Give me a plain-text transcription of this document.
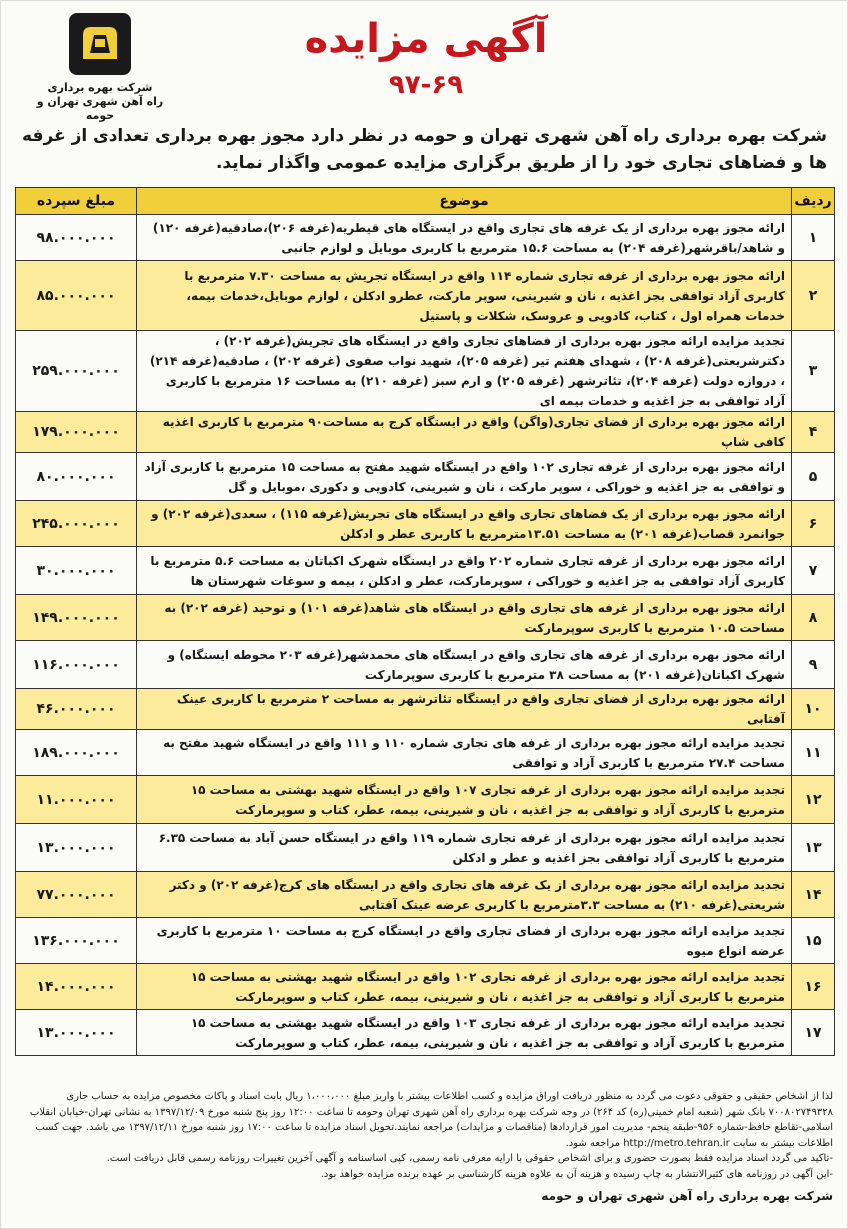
شرکت بهره برداری
راه آهن شهری تهران و حومه
آگهی مزایده
۹۷-۶۹
شرکت بهره برداری راه آهن شهری تهران و حومه در نظر دارد مجوز بهره برداری تعدادی از غرفه ها و فضاهای تجاری خود را از طریق برگزاری مزایده عمومی واگذار نماید.
ردیف	موضوع	مبلغ سپرده
۱	ارائه مجوز بهره برداری از یک غرفه های تجاری واقع در ایستگاه های قیطریه(غرفه ۲۰۶)،صادقیه(غرفه ۱۲۰) و شاهد/باقرشهر(غرفه ۲۰۴) به مساحت ۱۵.۶ مترمربع با کاربری موبایل و لوازم جانبی	۹۸.۰۰۰.۰۰۰
۲	ارائه مجوز بهره برداری از غرفه تجاری شماره ۱۱۴ واقع در ایستگاه تجریش به مساحت ۷.۳۰ مترمربع با کاربری آزاد توافقی بجز اغذیه ، نان و شیرینی، سوپر مارکت، عطرو ادکلن ، لوازم موبایل،خدمات بیمه، خدمات همراه اول ، کتاب، کادویی و عروسک، شکلات و پاستیل	۸۵.۰۰۰.۰۰۰
۳	تجدید مزایده ارائه مجوز بهره برداری از فضاهای تجاری واقع در ایستگاه های تجریش(غرفه ۲۰۲) ، دکترشریعتی(غرفه ۲۰۸) ، شهدای هفتم تیر (غرفه ۲۰۵)، شهید نواب صفوی (غرفه ۲۰۲) ، صادقیه(غرفه ۲۱۴) ، دروازه دولت (غرفه ۲۰۴)، تئاترشهر (غرفه ۲۰۵) و ارم سبز (غرفه ۲۱۰) به مساحت ۱۶ مترمربع با کاربری آزاد توافقی به جز اغذیه و خدمات بیمه ای	۲۵۹.۰۰۰.۰۰۰
۴	ارائه مجوز بهره برداری از فضای تجاری(واگن) واقع در ایستگاه کرج به مساحت۹۰ مترمربع با کاربری اغذیه کافی شاپ	۱۷۹.۰۰۰.۰۰۰
۵	ارائه مجوز بهره برداری از غرفه تجاری ۱۰۲ واقع در ایستگاه شهید مفتح به مساحت ۱۵ مترمربع با کاربری آزاد و توافقی به جز اغذیه و خوراکی ، سوپر مارکت ، نان و شیرینی، کادویی و دکوری ،موبایل و گل	۸۰.۰۰۰.۰۰۰
۶	ارائه مجوز بهره برداری از یک فضاهای تجاری واقع در ایستگاه های تجریش(غرفه ۱۱۵) ، سعدی(غرفه ۲۰۲) و جوانمرد قصاب(غرفه ۲۰۱) به مساحت ۱۳.۵۱مترمربع با کاربری عطر و ادکلن	۲۴۵.۰۰۰.۰۰۰
۷	ارائه مجوز بهره برداری از غرفه تجاری شماره ۲۰۲ واقع در ایستگاه شهرک اکباتان به مساحت ۵.۶ مترمربع با کاربری آزاد توافقی به جز اغذیه و خوراکی ، سوپرمارکت، عطر و ادکلن ، بیمه و سوغات شهرستان ها	۳۰.۰۰۰.۰۰۰
۸	ارائه مجوز بهره برداری از غرفه های تجاری واقع در ایستگاه های شاهد(غرفه ۱۰۱) و توحید (غرفه ۲۰۲) به مساحت ۱۰.۵ مترمربع با کاربری سوپرمارکت	۱۴۹.۰۰۰.۰۰۰
۹	ارائه مجوز بهره برداری از غرفه های تجاری واقع در ایستگاه های محمدشهر(غرفه ۲۰۳ محوطه ایستگاه) و شهرک اکباتان(غرفه ۲۰۱) به مساحت ۳۸ مترمربع با کاربری سوپرمارکت	۱۱۶.۰۰۰.۰۰۰
۱۰	ارائه مجوز بهره برداری از فضای تجاری واقع در ایستگاه تئاترشهر به مساحت ۲ مترمربع با کاربری عینک آفتابی	۴۶.۰۰۰.۰۰۰
۱۱	تجدید مزایده ارائه مجوز بهره برداری از غرفه های تجاری شماره ۱۱۰ و ۱۱۱ واقع در ایستگاه شهید مفتح به مساحت ۲۷.۴ مترمربع با کاربری آزاد و توافقی	۱۸۹.۰۰۰.۰۰۰
۱۲	تجدید مزایده ارائه مجوز بهره برداری از غرفه تجاری ۱۰۷ واقع در ایستگاه شهید بهشتی به مساحت ۱۵ مترمربع با کاربری آزاد و توافقی به جز اغذیه ، نان و شیرینی، بیمه، عطر، کتاب و سوپرمارکت	۱۱.۰۰۰.۰۰۰
۱۳	تجدید مزایده ارائه مجوز بهره برداری از غرفه تجاری شماره ۱۱۹ واقع در ایستگاه حسن آباد به مساحت ۶.۳۵ مترمربع با کاربری آزاد توافقی بجز اغذیه و عطر و ادکلن	۱۳.۰۰۰.۰۰۰
۱۴	تجدید مزایده ارائه مجوز بهره برداری از یک غرفه های تجاری واقع در ایستگاه های کرج(غرفه ۲۰۲) و دکتر شریعتی(غرفه ۲۱۰) به مساحت ۳.۳مترمربع با کاربری عرضه عینک آفتابی	۷۷.۰۰۰.۰۰۰
۱۵	تجدید مزایده ارائه مجوز بهره برداری از فضای تجاری واقع در ایستگاه کرج به مساحت ۱۰ مترمربع با کاربری عرضه انواع میوه	۱۳۶.۰۰۰.۰۰۰
۱۶	تجدید مزایده ارائه مجوز بهره برداری از غرفه تجاری ۱۰۲ واقع در ایستگاه شهید بهشتی به مساحت ۱۵ مترمربع با کاربری آزاد و توافقی به جز اغذیه ، نان و شیرینی، بیمه، عطر، کتاب و سوپرمارکت	۱۴.۰۰۰.۰۰۰
۱۷	تجدید مزایده ارائه مجوز بهره برداری از غرفه تجاری ۱۰۳ واقع در ایستگاه شهید بهشتی به مساحت ۱۵ مترمربع با کاربری آزاد و توافقی به جز اغذیه ، نان و شیرینی، بیمه، عطر، کتاب و سوپرمارکت	۱۳.۰۰۰.۰۰۰
لذا از اشخاص حقیقی و حقوقی دعوت می گردد به منظور دریافت اوراق مزایده و کسب اطلاعات بیشتر با واریز مبلغ ۱،۰۰۰،۰۰۰ ریال بابت اسناد و پاکات مخصوص مزایده به حساب جاری ۷۰۰۸۰۲۷۴۹۳۲۸ بانک شهر (شعبه امام خمینی(ره) کد ۲۶۴) در وجه شرکت بهره برداری راه آهن شهری تهران وحومه تا ساعت ۱۲:۰۰ روز پنج شنبه مورخ ۱۳۹۷/۱۲/۰۹ به نشانی تهران-خیابان انقلاب اسلامی-تقاطع حافظ-شماره ۹۵۶-طبقه پنجم- مدیریت امور قراردادها (مناقصات و مزایدات) مراجعه نمایند.تحویل اسناد مزایده تا ساعت ۱۷:۰۰ روز شنبه مورخ ۱۳۹۷/۱۲/۱۱ می باشد. جهت کسب اطلاعات بیشتر به سایت http://metro.tehran.ir مراجعه شود.
-تاکید می گردد اسناد مزایده فقط بصورت حضوری و برای اشخاص حقوقی با ارایه معرفی نامه رسمی، کپی اساسنامه و آگهی آخرین تغییرات روزنامه رسمی قابل دریافت است.
-این آگهی در روزنامه های کثیرالانتشار به چاپ رسیده و هزینه آن به علاوه هزینه کارشناسی بر عهده برنده مزایده خواهد بود.
شرکت بهره برداری راه آهن شهری تهران و حومه
